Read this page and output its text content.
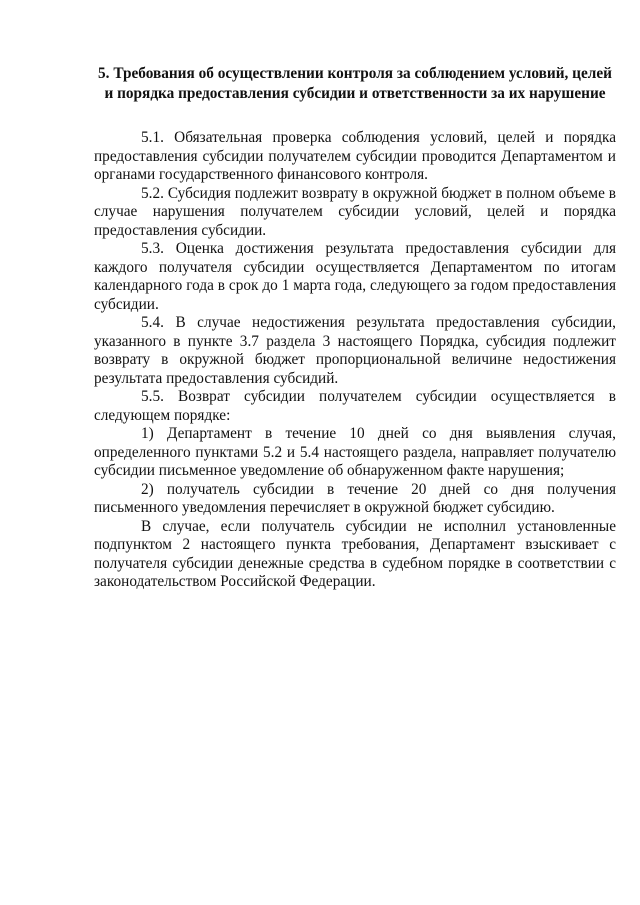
5. Требования об осуществлении контроля за соблюдением условий, целей и порядка предоставления субсидии и ответственности за их нарушение

5.1. Обязательная проверка соблюдения условий, целей и порядка предоставления субсидии получателем субсидии проводится Департаментом и органами государственного финансового контроля.

5.2. Субсидия подлежит возврату в окружной бюджет в полном объеме в случае нарушения получателем субсидии условий, целей и порядка предоставления субсидии.

5.3. Оценка достижения результата предоставления субсидии для каждого получателя субсидии осуществляется Департаментом по итогам календарного года в срок до 1 марта года, следующего за годом предоставления субсидии.

5.4. В случае недостижения результата предоставления субсидии, указанного в пункте 3.7 раздела 3 настоящего Порядка, субсидия подлежит возврату в окружной бюджет пропорциональной величине недостижения результата предоставления субсидий.

5.5. Возврат субсидии получателем субсидии осуществляется в следующем порядке:

1) Департамент в течение 10 дней со дня выявления случая, определенного пунктами 5.2 и 5.4 настоящего раздела, направляет получателю субсидии письменное уведомление об обнаруженном факте нарушения;

2) получатель субсидии в течение 20 дней со дня получения письменного уведомления перечисляет в окружной бюджет субсидию.

В случае, если получатель субсидии не исполнил установленные подпунктом 2 настоящего пункта требования, Департамент взыскивает с получателя субсидии денежные средства в судебном порядке в соответствии с законодательством Российской Федерации.
